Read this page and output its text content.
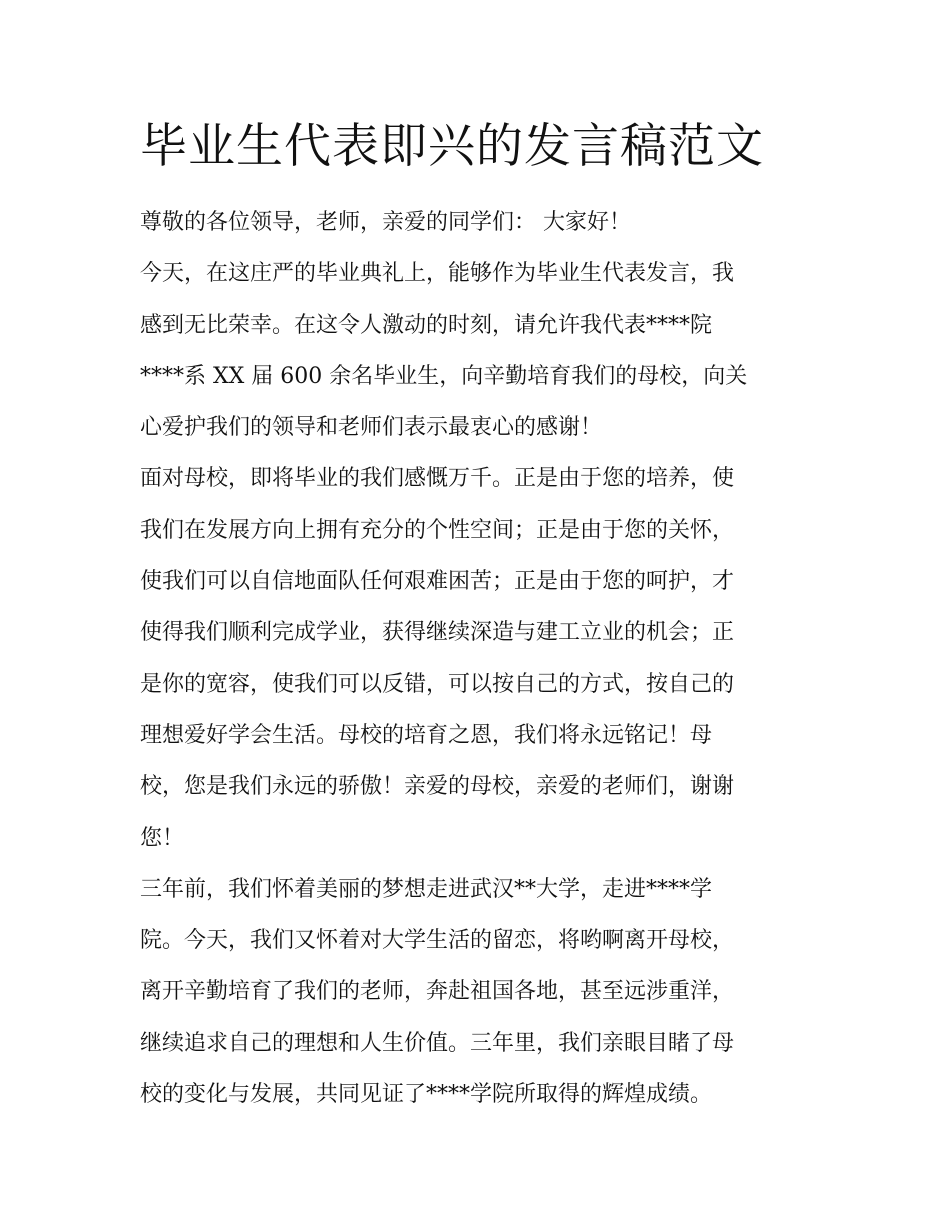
毕业生代表即兴的发言稿范文
尊敬的各位领导，老师，亲爱的同学们： 大家好！
今天，在这庄严的毕业典礼上，能够作为毕业生代表发言，我
感到无比荣幸。在这令人激动的时刻，请允许我代表****院
****系 XX 届 600 余名毕业生，向辛勤培育我们的母校，向关
心爱护我们的领导和老师们表示最衷心的感谢！
面对母校，即将毕业的我们感慨万千。正是由于您的培养，使
我们在发展方向上拥有充分的个性空间；正是由于您的关怀，
使我们可以自信地面队任何艰难困苦；正是由于您的呵护，才
使得我们顺利完成学业，获得继续深造与建工立业的机会；正
是你的宽容，使我们可以反错，可以按自己的方式，按自己的
理想爱好学会生活。母校的培育之恩，我们将永远铭记！母
校，您是我们永远的骄傲！亲爱的母校，亲爱的老师们，谢谢
您！
三年前，我们怀着美丽的梦想走进武汉**大学，走进****学
院。今天，我们又怀着对大学生活的留恋，将哟啊离开母校，
离开辛勤培育了我们的老师，奔赴祖国各地，甚至远涉重洋，
继续追求自己的理想和人生价值。三年里，我们亲眼目睹了母
校的变化与发展，共同见证了****学院所取得的辉煌成绩。
